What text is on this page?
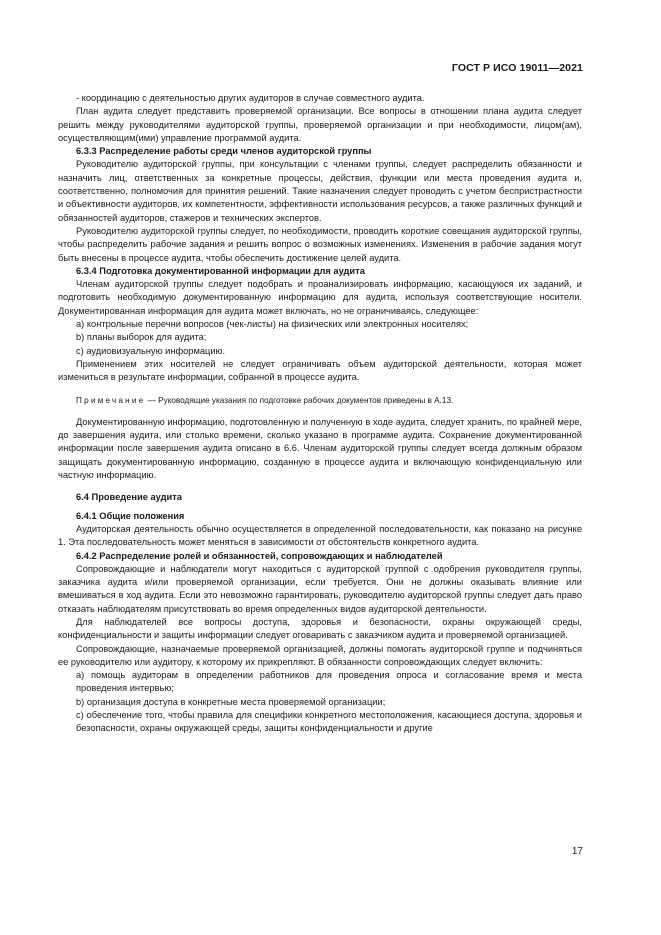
ГОСТ Р ИСО 19011—2021

- координацию с деятельностью других аудиторов в случае совместного аудита.

План аудита следует представить проверяемой организации. Все вопросы в отношении плана аудита следует решить между руководителями аудиторской группы, проверяемой организации и при необходимости, лицом(ам), осуществляющим(ими) управление программой аудита.

6.3.3 Распределение работы среди членов аудиторской группы

Руководителю аудиторской группы, при консультации с членами группы, следует распределить обязанности и назначить лиц, ответственных за конкретные процессы, действия, функции или места проведения аудита и, соответственно, полномочия для принятия решений. Такие назначения следует проводить с учетом беспристрастности и объективности аудиторов, их компетентности, эффективности использования ресурсов, а также различных функций и обязанностей аудиторов, стажеров и технических экспертов.

Руководителю аудиторской группы следует, по необходимости, проводить короткие совещания аудиторской группы, чтобы распределить рабочие задания и решить вопрос о возможных изменениях. Изменения в рабочие задания могут быть внесены в процессе аудита, чтобы обеспечить достижение целей аудита.

6.3.4 Подготовка документированной информации для аудита

Членам аудиторской группы следует подобрать и проанализировать информацию, касающуюся их заданий, и подготовить необходимую документированную информацию для аудита, используя соответствующие носители. Документированная информация для аудита может включать, но не ограничиваясь, следующее:

a) контрольные перечни вопросов (чек-листы) на физических или электронных носителях;

b) планы выборок для аудита;

c) аудиовизуальную информацию.

Применением этих носителей не следует ограничивать объем аудиторской деятельности, которая может измениться в результате информации, собранной в процессе аудита.

Примечание — Руководящие указания по подготовке рабочих документов приведены в А.13.

Документированную информацию, подготовленную и полученную в ходе аудита, следует хранить, по крайней мере, до завершения аудита, или столько времени, сколько указано в программе аудита. Сохранение документированной информации после завершения аудита описано в 6.6. Членам аудиторской группы следует всегда должным образом защищать документированную информацию, созданную в процессе аудита и включающую конфиденциальную или частную информацию.

6.4 Проведение аудита

6.4.1 Общие положения

Аудиторская деятельность обычно осуществляется в определенной последовательности, как показано на рисунке 1. Эта последовательность может меняться в зависимости от обстоятельств конкретного аудита.

6.4.2 Распределение ролей и обязанностей, сопровождающих и наблюдателей

Сопровождающие и наблюдатели могут находиться с аудиторской группой с одобрения руководителя группы, заказчика аудита и/или проверяемой организации, если требуется. Они не должны оказывать влияние или вмешиваться в ход аудита. Если это невозможно гарантировать, руководителю аудиторской группы следует дать право отказать наблюдателям присутствовать во время определенных видов аудиторской деятельности.

Для наблюдателей все вопросы доступа, здоровья и безопасности, охраны окружающей среды, конфиденциальности и защиты информации следует оговаривать с заказчиком аудита и проверяемой организацией.

Сопровождающие, назначаемые проверяемой организацией, должны помогать аудиторской группе и подчиняться ее руководителю или аудитору, к которому их прикрепляют. В обязанности сопровождающих следует включить:

a) помощь аудиторам в определении работников для проведения опроса и согласование время и места проведения интервью;

b) организация доступа в конкретные места проверяемой организации;

c) обеспечение того, чтобы правила для специфики конкретного местоположения, касающиеся доступа, здоровья и безопасности, охраны окружающей среды, защиты конфиденциальности и другие

17
